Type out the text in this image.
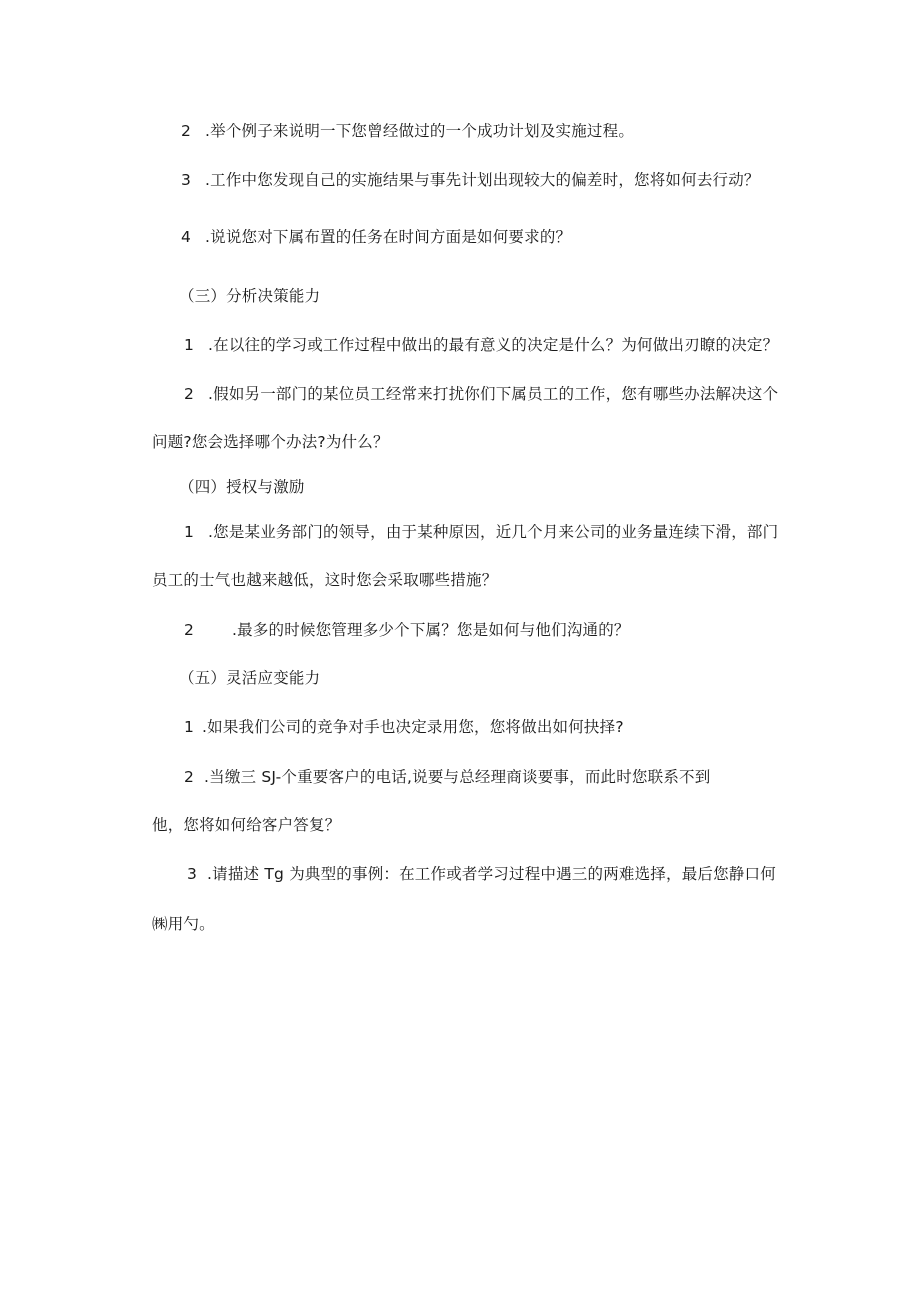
2 .举个例子来说明一下您曾经做过的一个成功计划及实施过程。
3 .工作中您发现自己的实施结果与事先计划出现较大的偏差时，您将如何去行动？
4 .说说您对下属布置的任务在时间方面是如何要求的？
（三）分析决策能力
1 .在以往的学习或工作过程中做出的最有意义的决定是什么？为何做出刃瞭的决定？
2 .假如另一部门的某位员工经常来打扰你们下属员工的工作，您有哪些办法解决这个
问题?您会选择哪个办法?为什么？
（四）授权与激励
1 .您是某业务部门的领导，由于某种原因，近几个月来公司的业务量连续下滑，部门
员工的士气也越来越低，这时您会采取哪些措施？
2 .最多的时候您管理多少个下属？您是如何与他们沟通的？
（五）灵活应变能力
1 .如果我们公司的竞争对手也决定录用您，您将做出如何抉择?
2 .当缴三 SJ-个重要客户的电话,说要与总经理商谈要事，而此时您联系不到
他，您将如何给客户答复？
3 .请描述 Tg 为典型的事例：在工作或者学习过程中遇三的两难选择，最后您静口何
㈱用勺。
